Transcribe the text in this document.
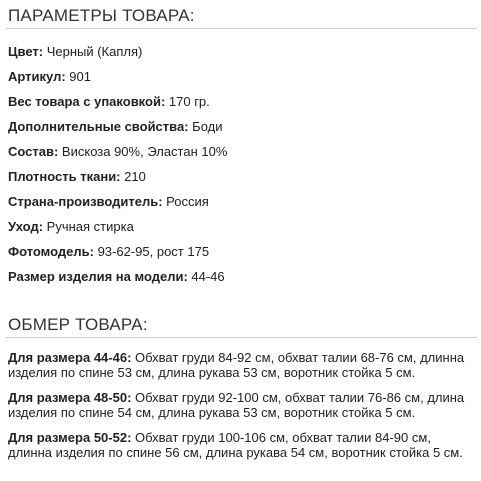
ПАРАМЕТРЫ ТОВАРА:
Цвет: Черный (Капля)
Артикул: 901
Вес товара с упаковкой: 170 гр.
Дополнительные свойства: Боди
Состав: Вискоза 90%, Эластан 10%
Плотность ткани: 210
Страна-производитель: Россия
Уход: Ручная стирка
Фотомодель: 93-62-95, рост 175
Размер изделия на модели: 44-46
ОБМЕР ТОВАРА:

Для размера 44-46: Обхват груди 84-92 см, обхват талии 68-76 см, длинна изделия по спине 53 см, длина рукава 53 см, воротник стойка 5 см.

Для размера 48-50: Обхват груди 92-100 см, обхват талии 76-86 см, длина изделия по спине 54 см, длина рукава 53 см, воротник стойка 5 см.

Для размера 50-52: Обхват груди 100-106 см, обхват талии 84-90 см, длинна изделия по спине 56 см, длина рукава 54 см, воротник стойка 5 см.
